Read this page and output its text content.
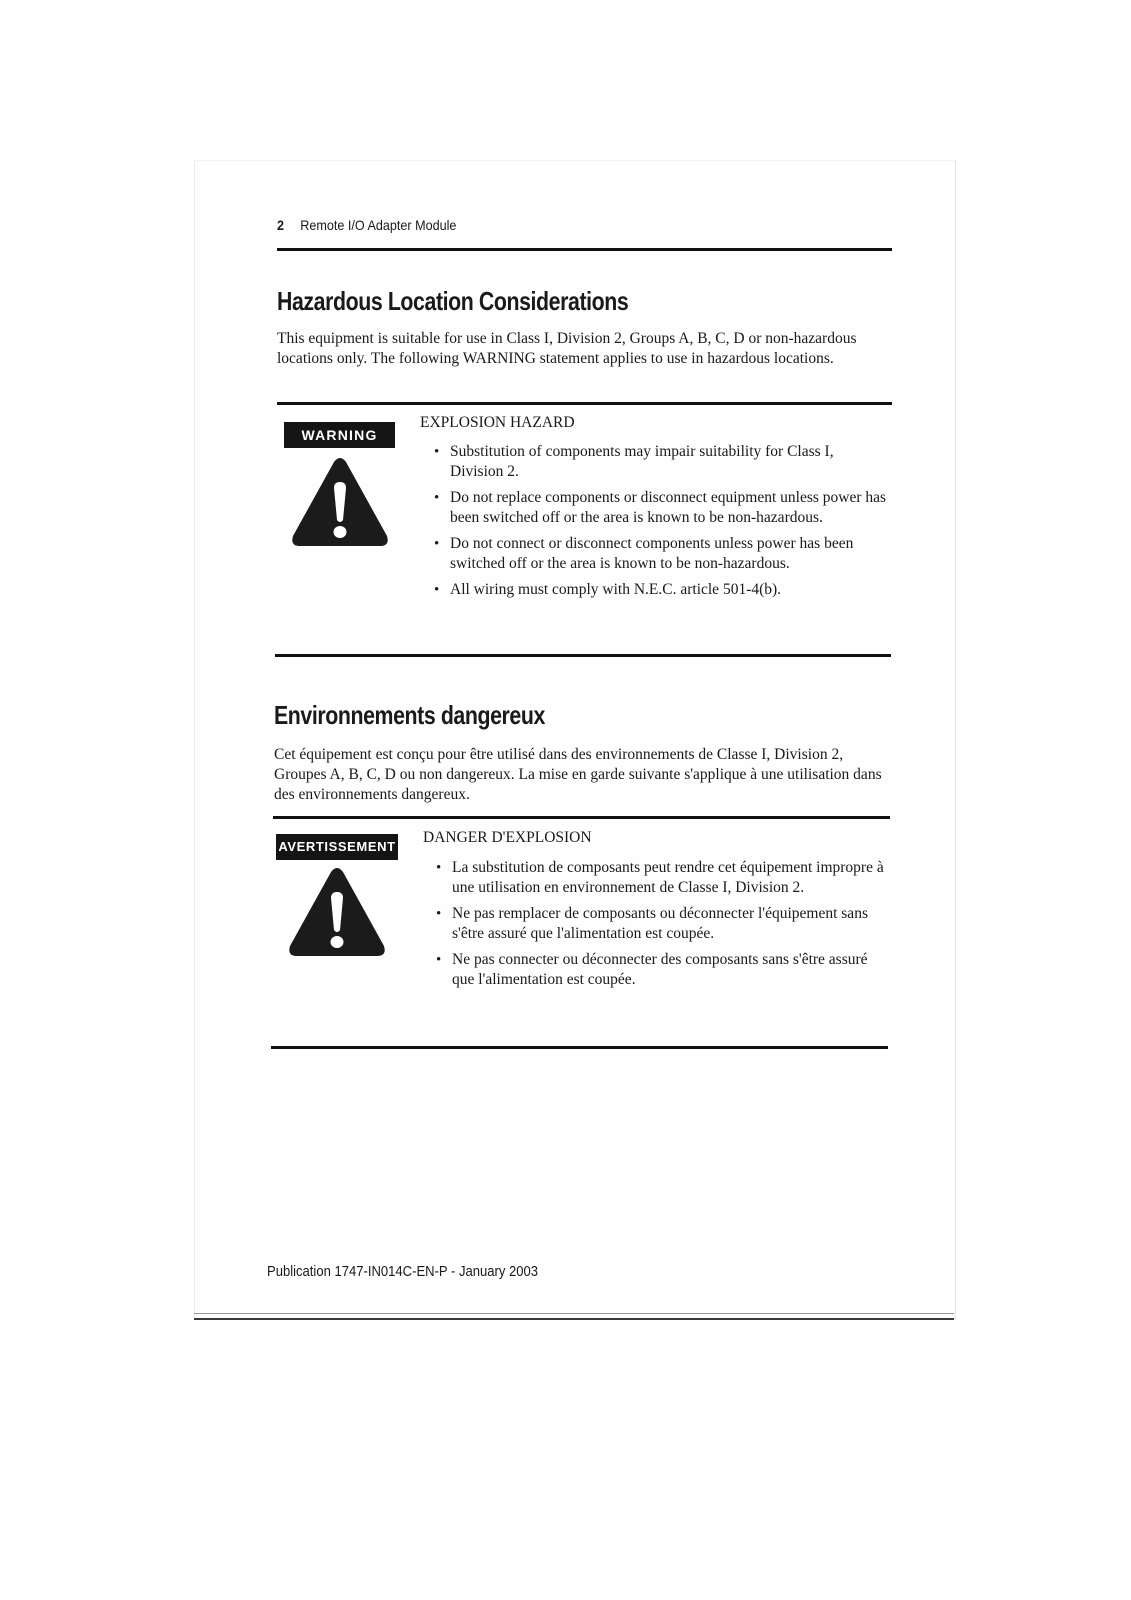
2 Remote I/O Adapter Module
Hazardous Location Considerations

This equipment is suitable for use in Class I, Division 2, Groups A, B, C, D or non-hazardous locations only. The following WARNING statement applies to use in hazardous locations.

WARNING

EXPLOSION HAZARD

• Substitution of components may impair suitability for Class I, Division 2.
• Do not replace components or disconnect equipment unless power has been switched off or the area is known to be non-hazardous.
• Do not connect or disconnect components unless power has been switched off or the area is known to be non-hazardous.
• All wiring must comply with N.E.C. article 501-4(b).
Environnements dangereux

Cet équipement est conçu pour être utilisé dans des environnements de Classe I, Division 2, Groupes A, B, C, D ou non dangereux. La mise en garde suivante s'applique à une utilisation dans des environnements dangereux.

AVERTISSEMENT

DANGER D'EXPLOSION

• La substitution de composants peut rendre cet équipement impropre à une utilisation en environnement de Classe I, Division 2.
• Ne pas remplacer de composants ou déconnecter l'équipement sans s'être assuré que l'alimentation est coupée.
• Ne pas connecter ou déconnecter des composants sans s'être assuré que l'alimentation est coupée.
Publication 1747-IN014C-EN-P - January 2003
